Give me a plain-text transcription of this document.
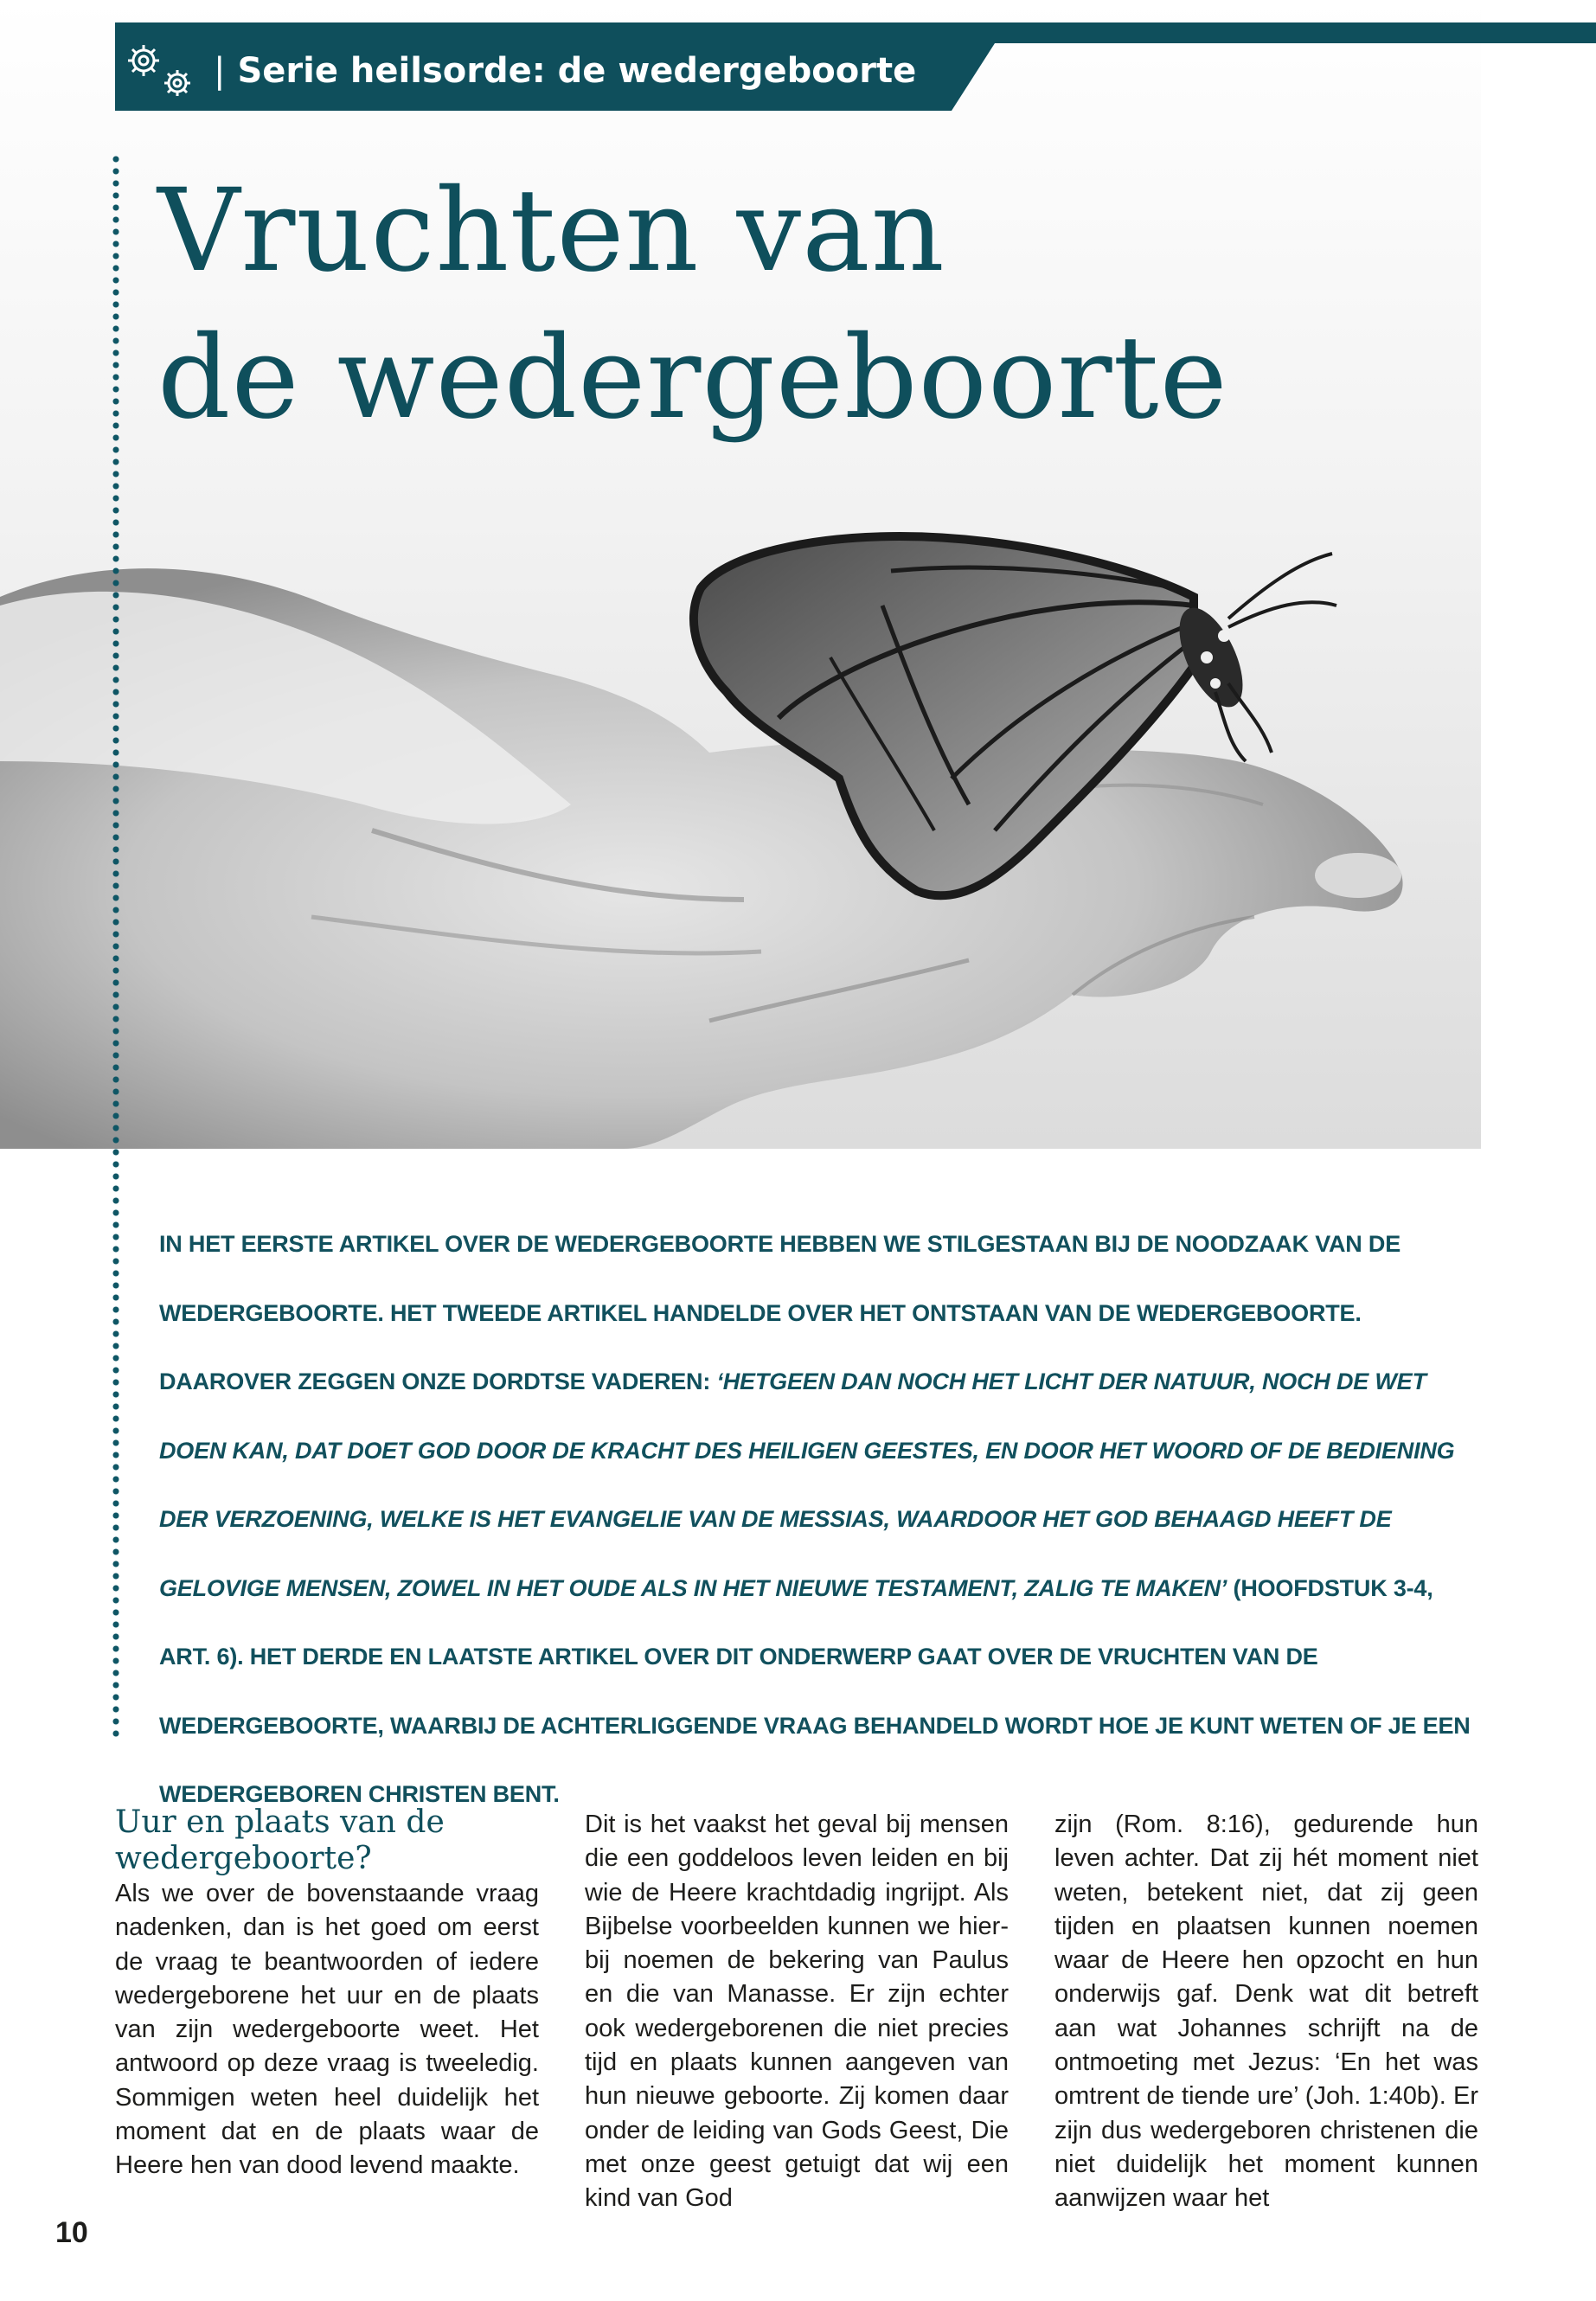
| Serie heilsorde: de wedergeboorte
Vruchten van
de wedergeboorte

IN HET EERSTE ARTIKEL OVER DE WEDERGEBOORTE HEBBEN WE STILGESTAAN BIJ DE NOODZAAK VAN DE WEDERGEBOORTE. HET TWEEDE ARTIKEL HANDELDE OVER HET ONTSTAAN VAN DE WEDERGEBOORTE. DAAROVER ZEGGEN ONZE DORDTSE VADEREN: ‘HETGEEN DAN NOCH HET LICHT DER NATUUR, NOCH DE WET DOEN KAN, DAT DOET GOD DOOR DE KRACHT DES HEILIGEN GEESTES, EN DOOR HET WOORD OF DE BEDIENING DER VERZOENING, WELKE IS HET EVANGELIE VAN DE MESSIAS, WAARDOOR HET GOD BEHAAGD HEEFT DE GELOVIGE MENSEN, ZOWEL IN HET OUDE ALS IN HET NIEUWE TESTAMENT, ZALIG TE MAKEN’ (HOOFDSTUK 3-4, ART. 6). HET DERDE EN LAATSTE ARTIKEL OVER DIT ONDERWERP GAAT OVER DE VRUCHTEN VAN DE WEDERGEBOORTE, WAARBIJ DE ACHTERLIGGENDE VRAAG BEHANDELD WORDT HOE JE KUNT WETEN OF JE EEN WEDERGEBOREN CHRISTEN BENT.

Uur en plaats van de wedergeboorte?

Als we over de bovenstaande vraag nadenken, dan is het goed om eerst de vraag te beantwoorden of iedere wedergeborene het uur en de plaats van zijn wedergeboorte weet. Het antwoord op deze vraag is tweeledig. Sommigen weten heel duidelijk het moment dat en de plaats waar de Heere hen van dood levend maakte.

Dit is het vaakst het geval bij mensen die een goddeloos leven leiden en bij wie de Heere krachtdadig ingrijpt. Als Bijbelse voorbeelden kunnen we hierbij noemen de bekering van Paulus en die van Manasse. Er zijn echter ook wedergeborenen die niet precies tijd en plaats kunnen aangeven van hun nieuwe geboorte. Zij komen daar onder de leiding van Gods Geest, Die met onze geest getuigt dat wij een kind van God

zijn (Rom. 8:16), gedurende hun leven achter. Dat zij hét moment niet weten, betekent niet, dat zij geen tijden en plaatsen kunnen noemen waar de Heere hen opzocht en hun onderwijs gaf. Denk wat dit betreft aan wat Johannes schrijft na de ontmoeting met Jezus: ‘En het was omtrent de tiende ure’ (Joh. 1:40b). Er zijn dus wedergeboren christenen die niet duidelijk het moment kunnen aanwijzen waar het

10
